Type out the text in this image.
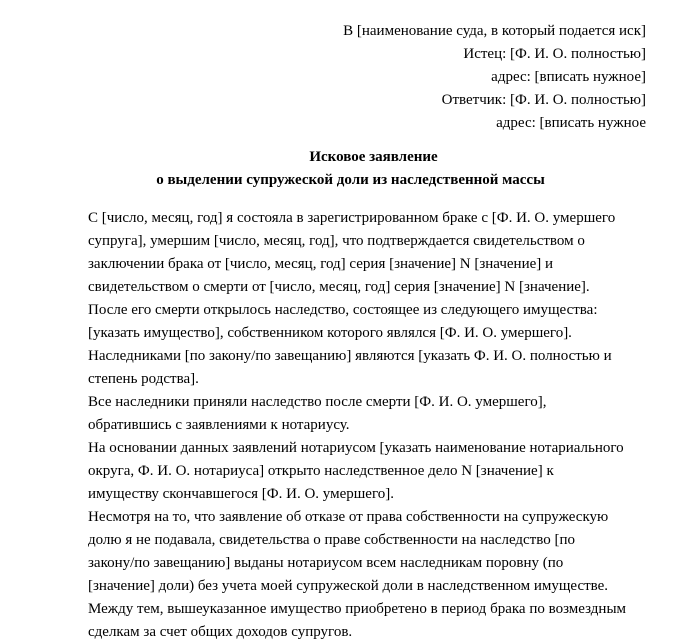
В [наименование суда, в который подается иск]
Истец: [Ф. И. О. полностью]
адрес: [вписать нужное]
Ответчик: [Ф. И. О. полностью]
адрес: [вписать нужное
Исковое заявление
о выделении супружеской доли из наследственной массы
С [число, месяц, год] я состояла в зарегистрированном браке с [Ф. И. О. умершего
супруга], умершим [число, месяц, год], что подтверждается свидетельством о
заключении брака от [число, месяц, год] серия [значение] N [значение] и
свидетельством о смерти от [число, месяц, год] серия [значение] N [значение].
После его смерти открылось наследство, состоящее из следующего имущества:
[указать имущество], собственником которого являлся [Ф. И. О. умершего].
Наследниками [по закону/по завещанию] являются [указать Ф. И. О. полностью и
степень родства].
Все наследники приняли наследство после смерти [Ф. И. О. умершего],
обратившись с заявлениями к нотариусу.
На основании данных заявлений нотариусом [указать наименование нотариального
округа, Ф. И. О. нотариуса] открыто наследственное дело N [значение] к
имуществу скончавшегося [Ф. И. О. умершего].
Несмотря на то, что заявление об отказе от права собственности на супружескую
долю я не подавала, свидетельства о праве собственности на наследство [по
закону/по завещанию] выданы нотариусом всем наследникам поровну (по
[значение] доли) без учета моей супружеской доли в наследственном имуществе.
Между тем, вышеуказанное имущество приобретено в период брака по возмездным
сделкам за счет общих доходов супругов.
